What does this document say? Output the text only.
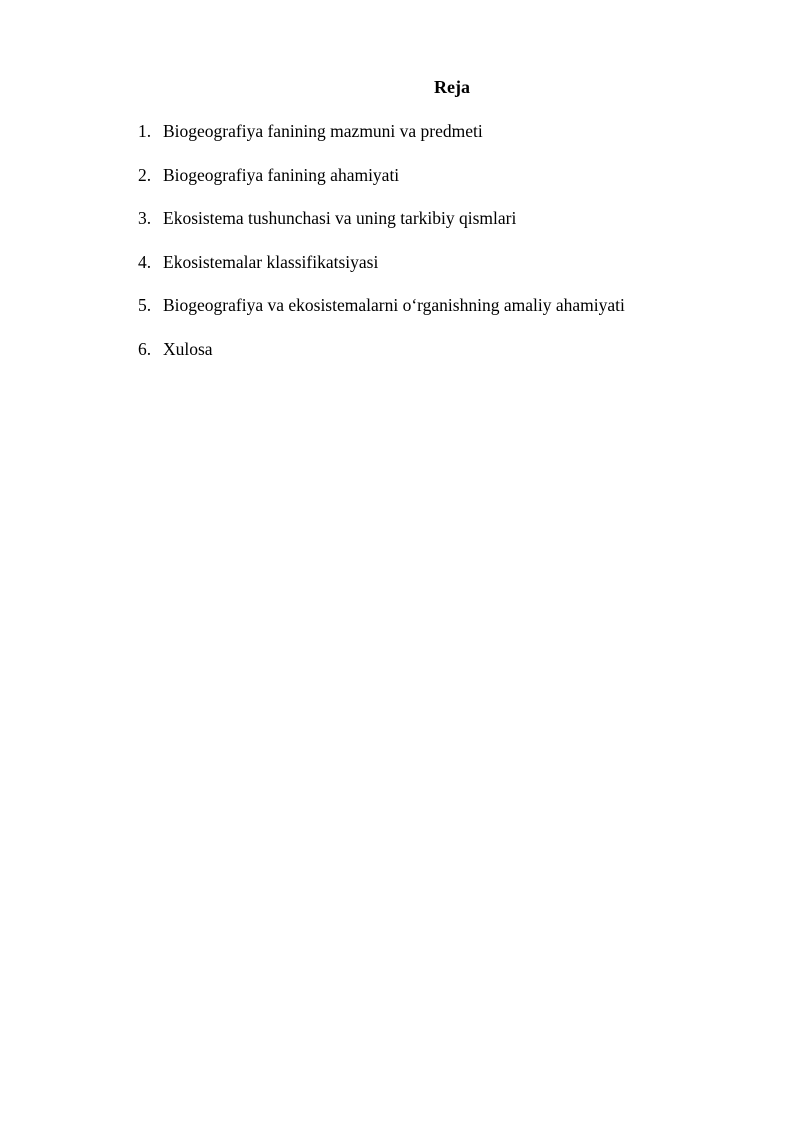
Reja
1. Biogeografiya fanining mazmuni va predmeti
2. Biogeografiya fanining ahamiyati
3. Ekosistema tushunchasi va uning tarkibiy qismlari
4. Ekosistemalar klassifikatsiyasi
5. Biogeografiya va ekosistemalarni o‘rganishning amaliy ahamiyati
6. Xulosa
